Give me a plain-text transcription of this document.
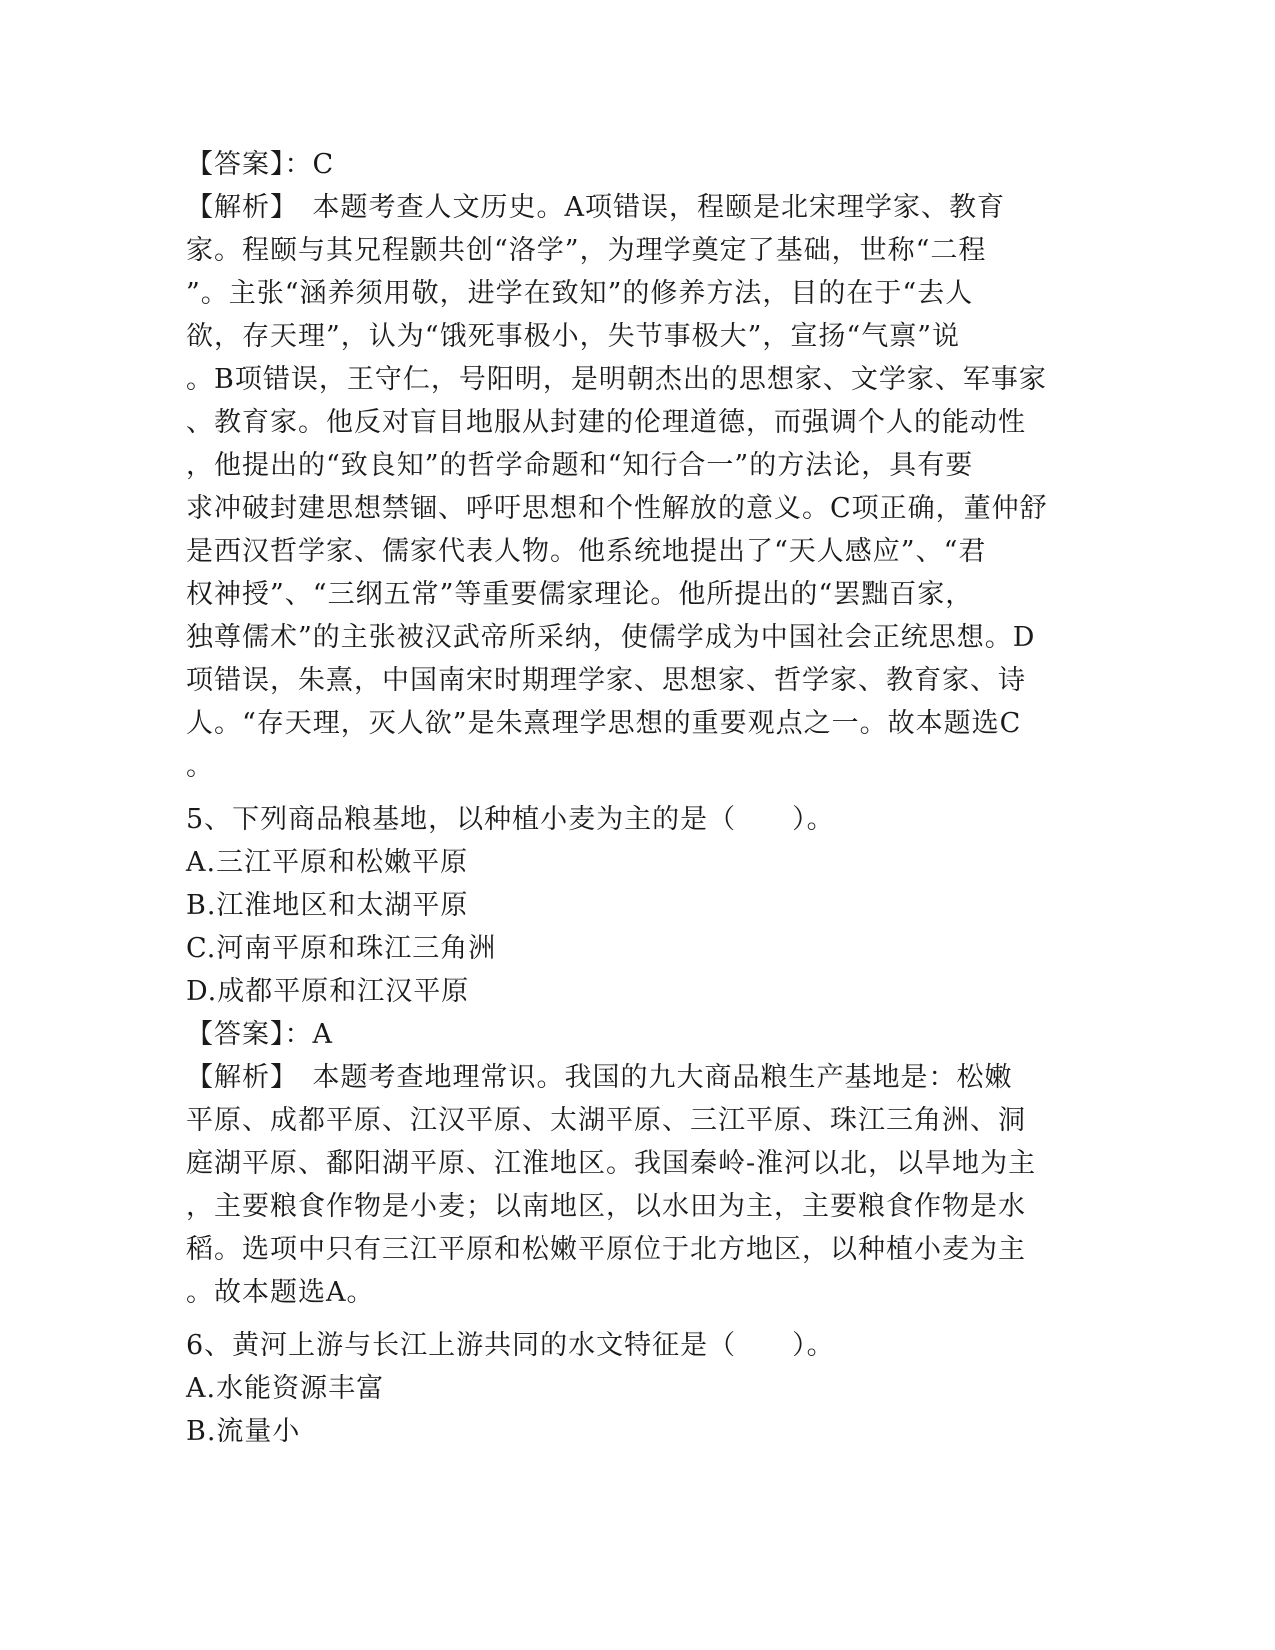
【答案】：C
【解析】　本题考查人文历史。A项错误，程颐是北宋理学家、教育
家。程颐与其兄程颢共创“洛学”，为理学奠定了基础，世称“二程
”。主张“涵养须用敬，进学在致知”的修养方法，目的在于“去人
欲，存天理”，认为“饿死事极小，失节事极大”，宣扬“气禀”说
。B项错误，王守仁，号阳明，是明朝杰出的思想家、文学家、军事家
、教育家。他反对盲目地服从封建的伦理道德，而强调个人的能动性
，他提出的“致良知”的哲学命题和“知行合一”的方法论，具有要
求冲破封建思想禁锢、呼吁思想和个性解放的意义。C项正确，董仲舒
是西汉哲学家、儒家代表人物。他系统地提出了“天人感应”、“君
权神授”、“三纲五常”等重要儒家理论。他所提出的“罢黜百家，
独尊儒术”的主张被汉武帝所采纳，使儒学成为中国社会正统思想。D
项错误，朱熹，中国南宋时期理学家、思想家、哲学家、教育家、诗
人。“存天理，灭人欲”是朱熹理学思想的重要观点之一。故本题选C
。
5、下列商品粮基地，以种植小麦为主的是（　　）。
A.三江平原和松嫩平原
B.江淮地区和太湖平原
C.河南平原和珠江三角洲
D.成都平原和江汉平原
【答案】：A
【解析】　本题考查地理常识。我国的九大商品粮生产基地是：松嫩
平原、成都平原、江汉平原、太湖平原、三江平原、珠江三角洲、洞
庭湖平原、鄱阳湖平原、江淮地区。我国秦岭-淮河以北，以旱地为主
，主要粮食作物是小麦；以南地区，以水田为主，主要粮食作物是水
稻。选项中只有三江平原和松嫩平原位于北方地区，以种植小麦为主
。故本题选A。
6、黄河上游与长江上游共同的水文特征是（　　）。
A.水能资源丰富
B.流量小
